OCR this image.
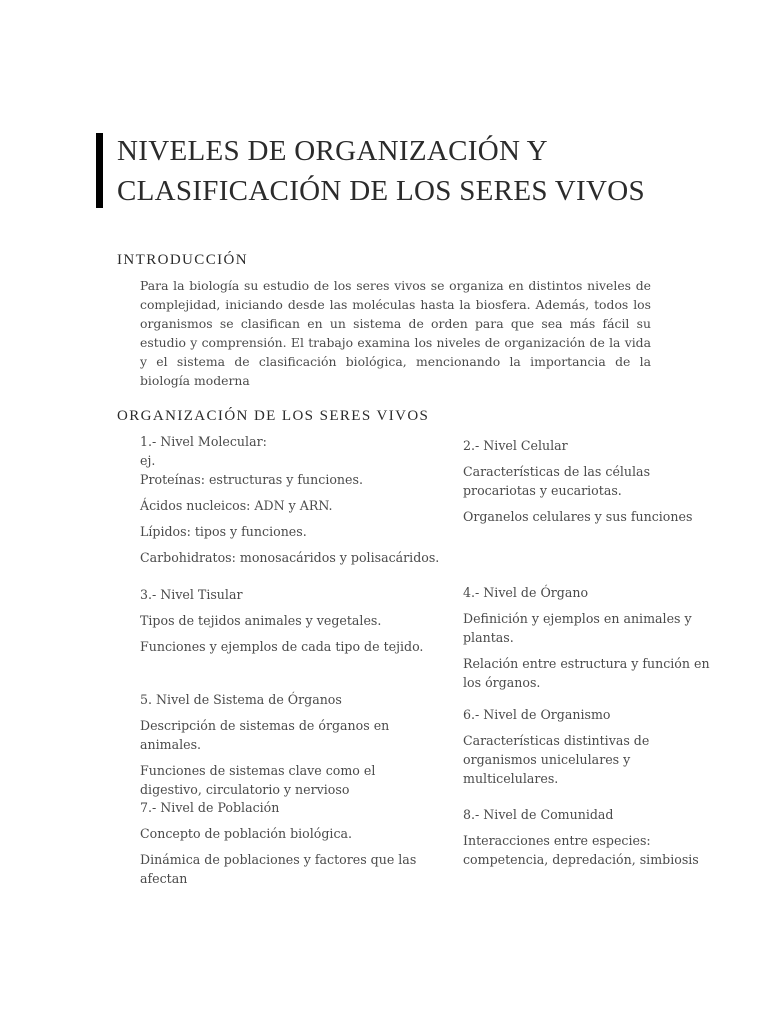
NIVELES DE ORGANIZACIÓN Y
CLASIFICACIÓN DE LOS SERES VIVOS
INTRODUCCIÓN

Para la biología su estudio de los seres vivos se organiza en distintos niveles de complejidad, iniciando desde las moléculas hasta la biosfera. Además, todos los organismos se clasifican en un sistema de orden para que sea más fácil su estudio y comprensión. El trabajo examina los niveles de organización de la vida y el sistema de clasificación biológica, mencionando la importancia de la biología moderna

ORGANIZACIÓN DE LOS SERES VIVOS

1.- Nivel Molecular:

ej.

Proteínas: estructuras y funciones.

Ácidos nucleicos: ADN y ARN.

Lípidos: tipos y funciones.

Carbohidratos: monosacáridos y polisacáridos.

2.- Nivel Celular

Características de las células procariotas y eucariotas.

Organelos celulares y sus funciones

3.- Nivel Tisular

Tipos de tejidos animales y vegetales.

Funciones y ejemplos de cada tipo de tejido.

4.- Nivel de Órgano

Definición y ejemplos en animales y plantas.

Relación entre estructura y función en los órganos.

5. Nivel de Sistema de Órganos

Descripción de sistemas de órganos en animales.

Funciones de sistemas clave como el digestivo, circulatorio y nervioso

6.- Nivel de Organismo

Características distintivas de organismos unicelulares y multicelulares.

7.- Nivel de Población

Concepto de población biológica.

Dinámica de poblaciones y factores que las afectan

8.- Nivel de Comunidad

Interacciones entre especies: competencia, depredación, simbiosis
